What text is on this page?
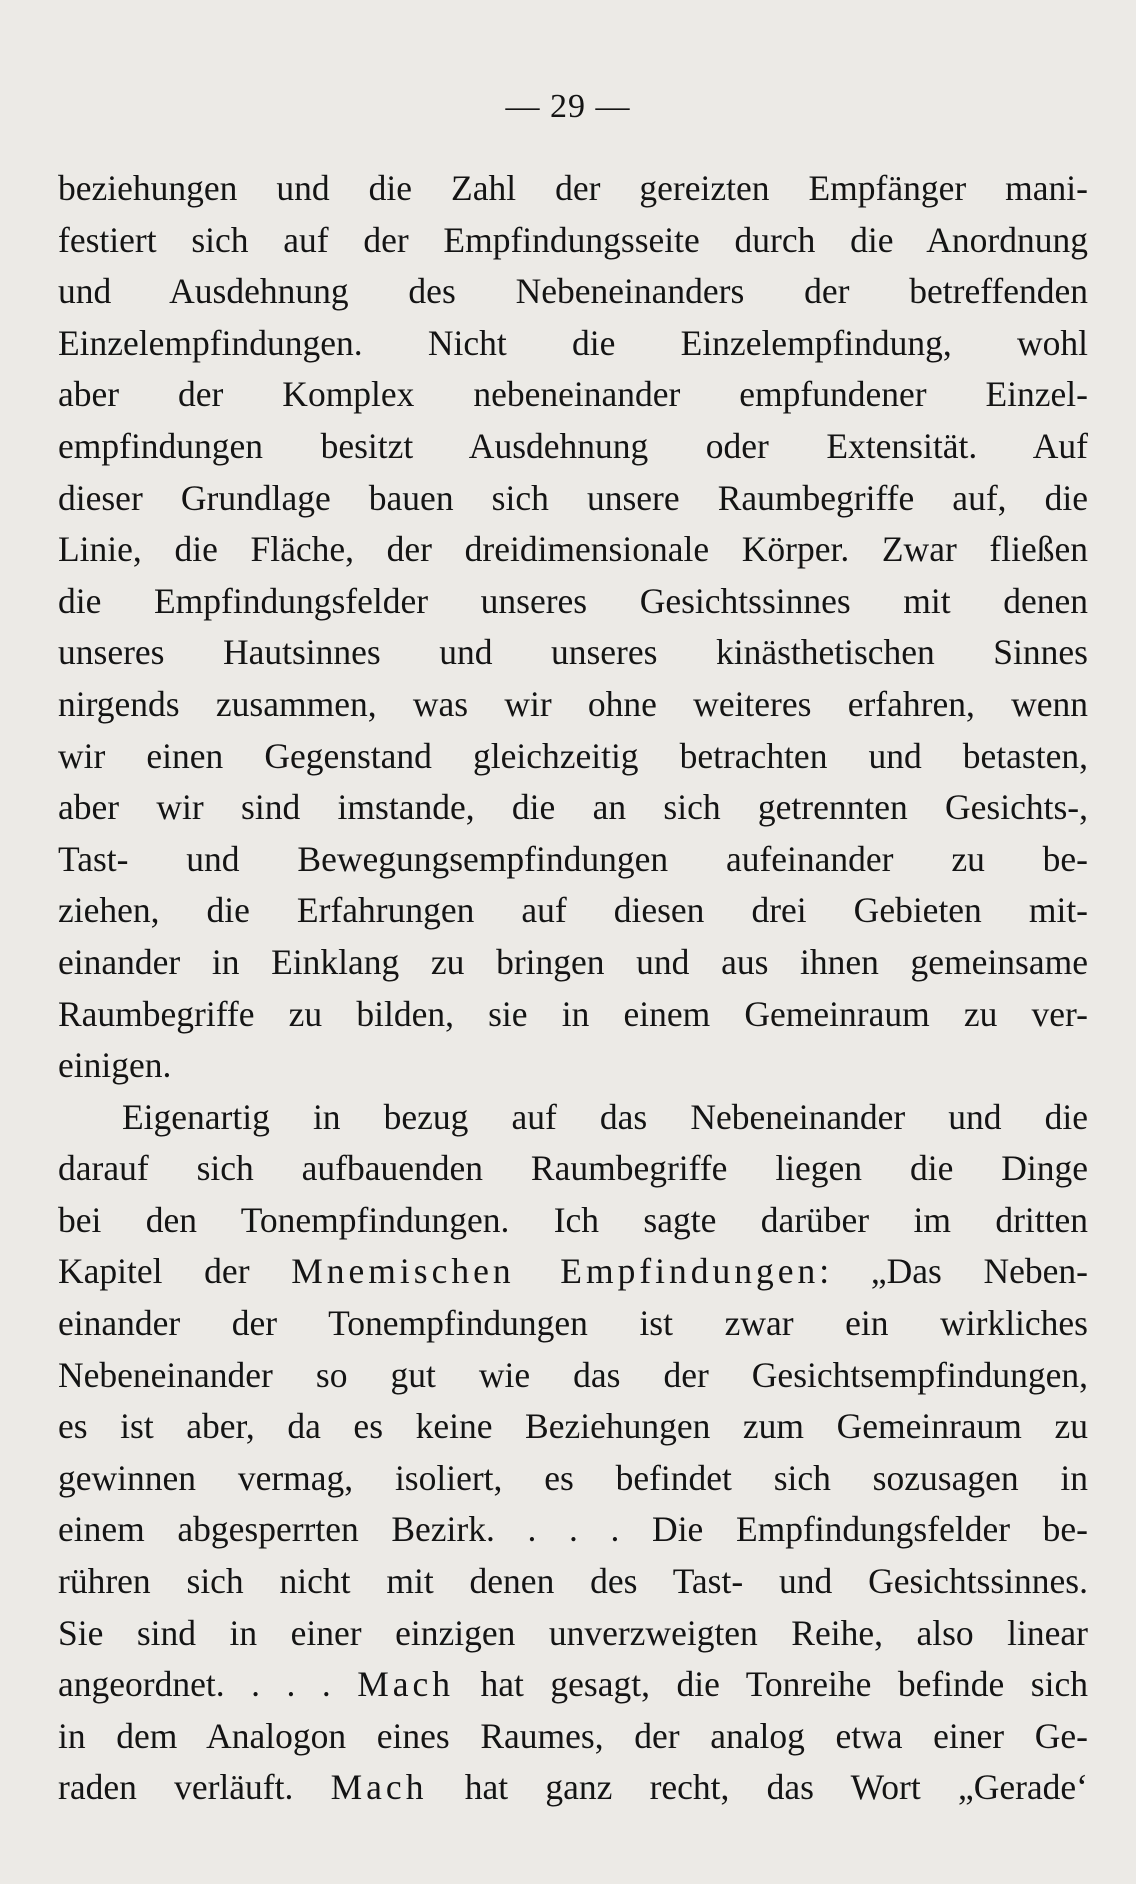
— 29 —
beziehungen und die Zahl der gereizten Empfänger mani-
festiert sich auf der Empfindungsseite durch die Anordnung
und Ausdehnung des Nebeneinanders der betreffenden
Einzelempfindungen. Nicht die Einzelempfindung, wohl
aber der Komplex nebeneinander empfundener Einzel-
empfindungen besitzt Ausdehnung oder Extensität. Auf
dieser Grundlage bauen sich unsere Raumbegriffe auf, die
Linie, die Fläche, der dreidimensionale Körper. Zwar fließen
die Empfindungsfelder unseres Gesichtssinnes mit denen
unseres Hautsinnes und unseres kinästhetischen Sinnes
nirgends zusammen, was wir ohne weiteres erfahren, wenn
wir einen Gegenstand gleichzeitig betrachten und betasten,
aber wir sind imstande, die an sich getrennten Gesichts-,
Tast- und Bewegungsempfindungen aufeinander zu be-
ziehen, die Erfahrungen auf diesen drei Gebieten mit-
einander in Einklang zu bringen und aus ihnen gemeinsame
Raumbegriffe zu bilden, sie in einem Gemeinraum zu ver-
einigen.
Eigenartig in bezug auf das Nebeneinander und die
darauf sich aufbauenden Raumbegriffe liegen die Dinge
bei den Tonempfindungen. Ich sagte darüber im dritten
Kapitel der Mnemischen Empfindungen: „Das Neben-
einander der Tonempfindungen ist zwar ein wirkliches
Nebeneinander so gut wie das der Gesichtsempfindungen,
es ist aber, da es keine Beziehungen zum Gemeinraum zu
gewinnen vermag, isoliert, es befindet sich sozusagen in
einem abgesperrten Bezirk. . . . Die Empfindungsfelder be-
rühren sich nicht mit denen des Tast- und Gesichtssinnes.
Sie sind in einer einzigen unverzweigten Reihe, also linear
angeordnet. . . . Mach hat gesagt, die Tonreihe befinde sich
in dem Analogon eines Raumes, der analog etwa einer Ge-
raden verläuft. Mach hat ganz recht, das Wort „Gerade‘
